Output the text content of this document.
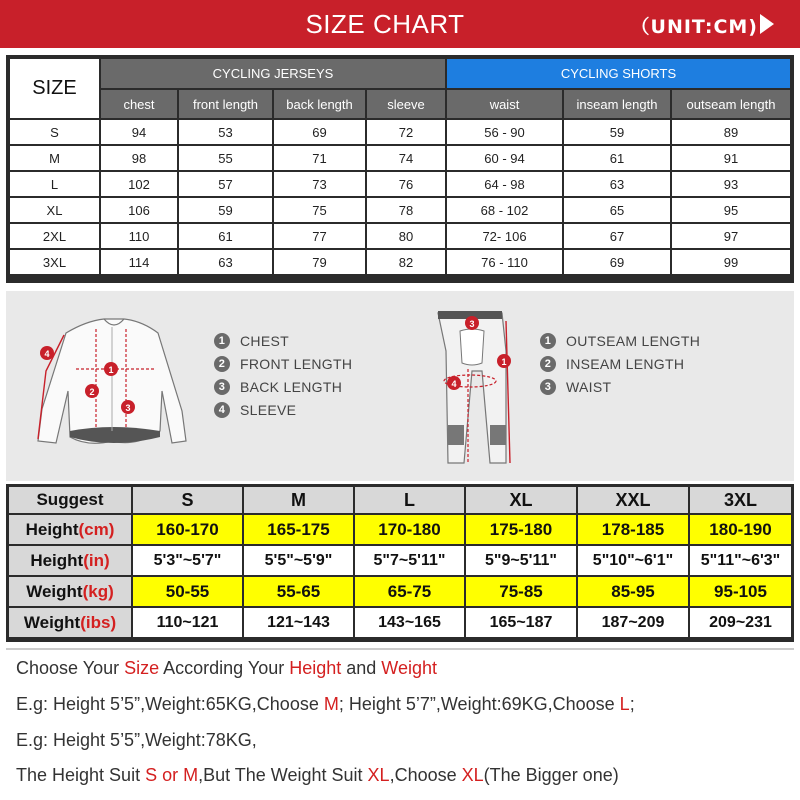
SIZE CHART	（UNIT:CM)
SIZE
CYCLING JERSEYS	CYCLING SHORTS
chest	front length	back length	sleeve	waist	inseam length	outseam length
S	94	53	69	72	56 - 90	59	89
M	98	55	71	74	60 - 94	61	91
L	102	57	73	76	64 - 98	63	93
XL	106	59	75	78	68 - 102	65	95
2XL	110	61	77	80	72- 106	67	97
3XL	114	63	79	82	76 - 110	69	99
1
2
3
4
3
1
4
1	CHEST
2	FRONT LENGTH
3	BACK LENGTH
4	SLEEVE
1	OUTSEAM LENGTH
2	INSEAM LENGTH
3	WAIST
Suggest	S	M	L	XL	XXL	3XL
Height (cm)	160-170	165-175	170-180	175-180	178-185	180-190
Height (in)	5'3"~5'7"	5'5"~5'9"	5"7~5'11"	5"9~5'11"	5"10"~6'1"	5"11"~6'3"
Weight (kg)	50-55	55-65	65-75	75-85	85-95	95-105
Weight (ibs)	110~121	121~143	143~165	165~187	187~209	209~231
Choose Your Size According Your Height and Weight
E.g: Height 5’5”,Weight:65KG,Choose M; Height 5’7”,Weight:69KG,Choose L;
E.g: Height 5’5”,Weight:78KG,
The Height Suit S or M,But The Weight Suit XL,Choose XL(The Bigger one)
